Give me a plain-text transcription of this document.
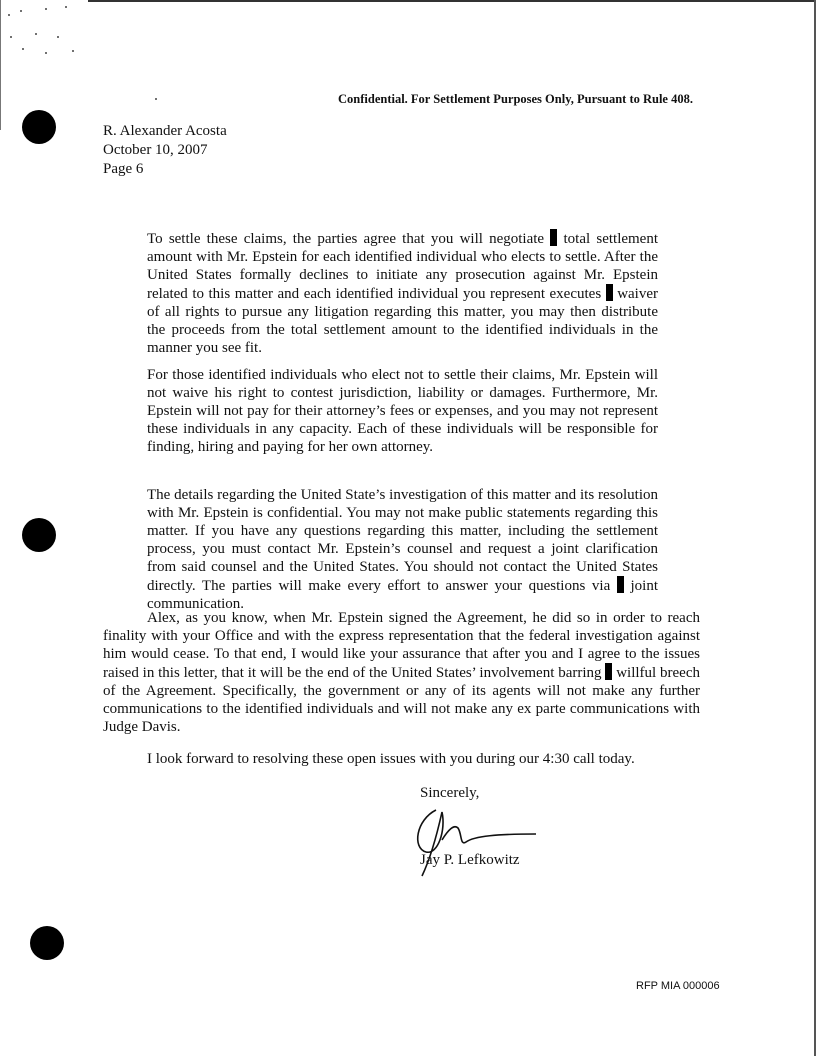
Confidential. For Settlement Purposes Only, Pursuant to Rule 408.
R. Alexander Acosta
October 10, 2007
Page 6

To settle these claims, the parties agree that you will negotiate  total settlement amount with Mr. Epstein for each identified individual who elects to settle. After the United States formally declines to initiate any prosecution against Mr. Epstein related to this matter and each identified individual you represent executes  waiver of all rights to pursue any litigation regarding this matter, you may then distribute the proceeds from the total settlement amount to the identified individuals in the manner you see fit.

For those identified individuals who elect not to settle their claims, Mr. Epstein will not waive his right to contest jurisdiction, liability or damages. Furthermore, Mr. Epstein will not pay for their attorney’s fees or expenses, and you may not represent these individuals in any capacity. Each of these individuals will be responsible for finding, hiring and paying for her own attorney.

The details regarding the United State’s investigation of this matter and its resolution with Mr. Epstein is confidential. You may not make public statements regarding this matter. If you have any questions regarding this matter, including the settlement process, you must contact Mr. Epstein’s counsel and request a joint clarification from said counsel and the United States. You should not contact the United States directly. The parties will make every effort to answer your questions via  joint communication.

Alex, as you know, when Mr. Epstein signed the Agreement, he did so in order to reach finality with your Office and with the express representation that the federal investigation against him would cease. To that end, I would like your assurance that after you and I agree to the issues raised in this letter, that it will be the end of the United States’ involvement barring  willful breech of the Agreement. Specifically, the government or any of its agents will not make any further communications to the identified individuals and will not make any ex parte communications with Judge Davis.

I look forward to resolving these open issues with you during our 4:30 call today.

Sincerely,
Jay P. Lefkowitz
RFP MIA 000006
